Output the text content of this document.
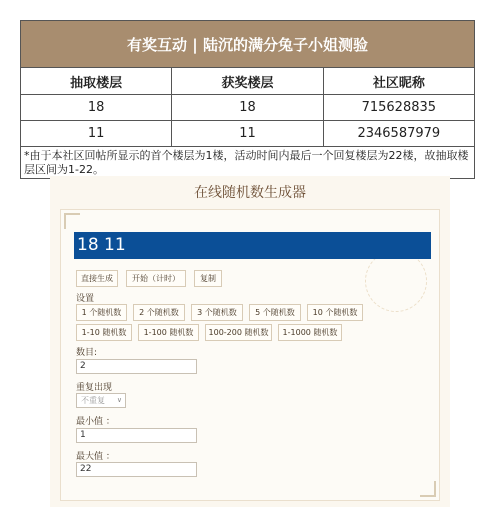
有奖互动 | 陆沉的满分兔子小姐测验		
抽取楼层	获奖楼层	社区昵称
18	18	715628835
11	11	2346587979
*由于本社区回帖所显示的首个楼层为1楼，活动时间内最后一个回复楼层为22楼，故抽取楼层区间为1-22。		
在线随机数生成器
18 11
直接生成	开始（计时）	复制
设置
1 个随机数	2 个随机数	3 个随机数	5 个随机数	10 个随机数
1-10 随机数	1-100 随机数	100-200 随机数	1-1000 随机数
数目:
2
重复出现
不重复 ∨
最小值 ：
1
最大值 ：
22
